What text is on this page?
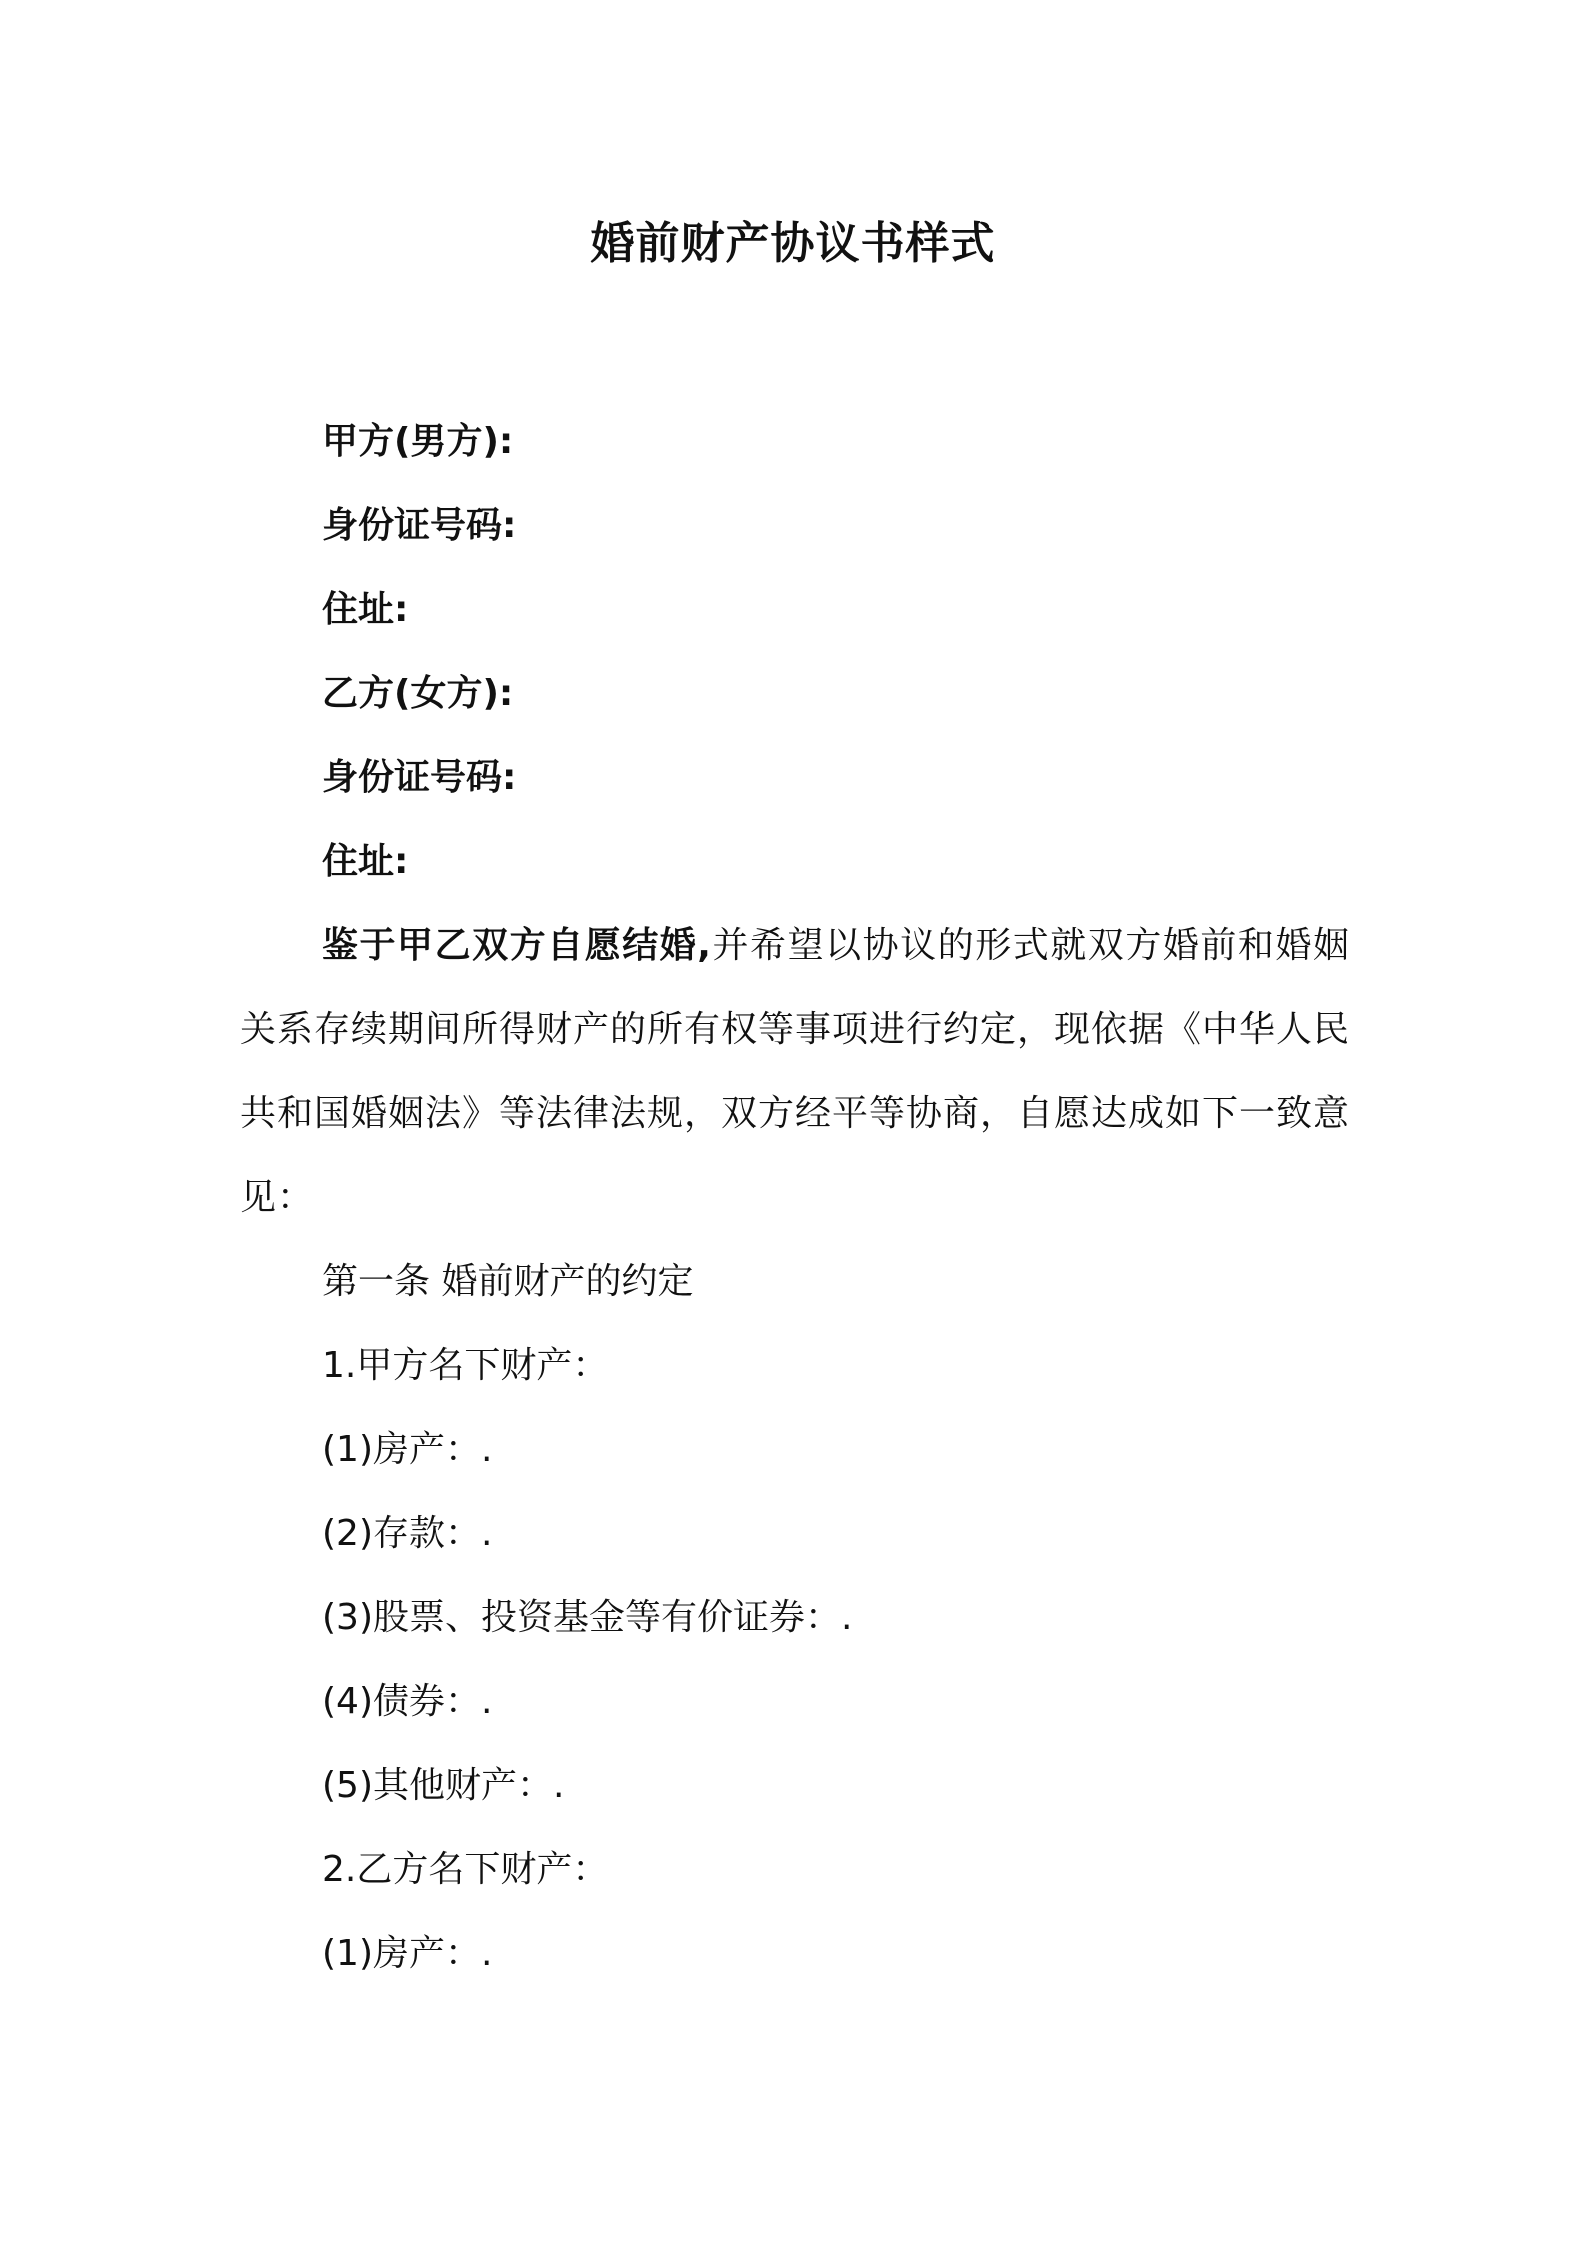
婚前财产协议书样式
甲方(男方):
身份证号码:
住址:
乙方(女方):
身份证号码:
住址:
鉴于甲乙双方自愿结婚,并希望以协议的形式就双方婚前和婚姻关系存续期间所得财产的所有权等事项进行约定，现依据《中华人民共和国婚姻法》等法律法规，双方经平等协商，自愿达成如下一致意见：
第一条 婚前财产的约定
1.甲方名下财产：
(1)房产：.
(2)存款：.
(3)股票、投资基金等有价证券：.
(4)债券：.
(5)其他财产：.
2.乙方名下财产：
(1)房产：.
